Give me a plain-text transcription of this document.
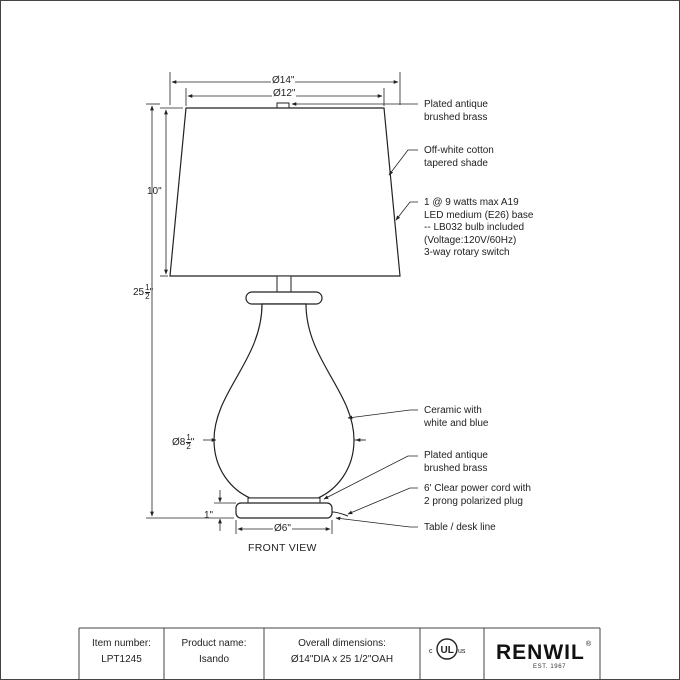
Ø14"
Ø12"
10"
$25 \frac{1}{2}$ "
Ø8 $\frac{1}{2}$ "
1"
Ø6"
Plated antique
brushed brass
Off-white cotton
tapered shade
1 @ 9 watts max A19
LED medium (E26) base
-- LB032 bulb included
(Voltage:120V/60Hz)
3-way rotary switch
Ceramic with
white and blue
Plated antique
brushed brass
6' Clear power cord with
2 prong polarized plug
Table / desk line
FRONT VIEW
Item number:
LPT1245
Product name:
Isando
Overall dimensions:
Ø14"DIA x 25 1/2"OAH
c UL us RENWIL®
EST. 1967
